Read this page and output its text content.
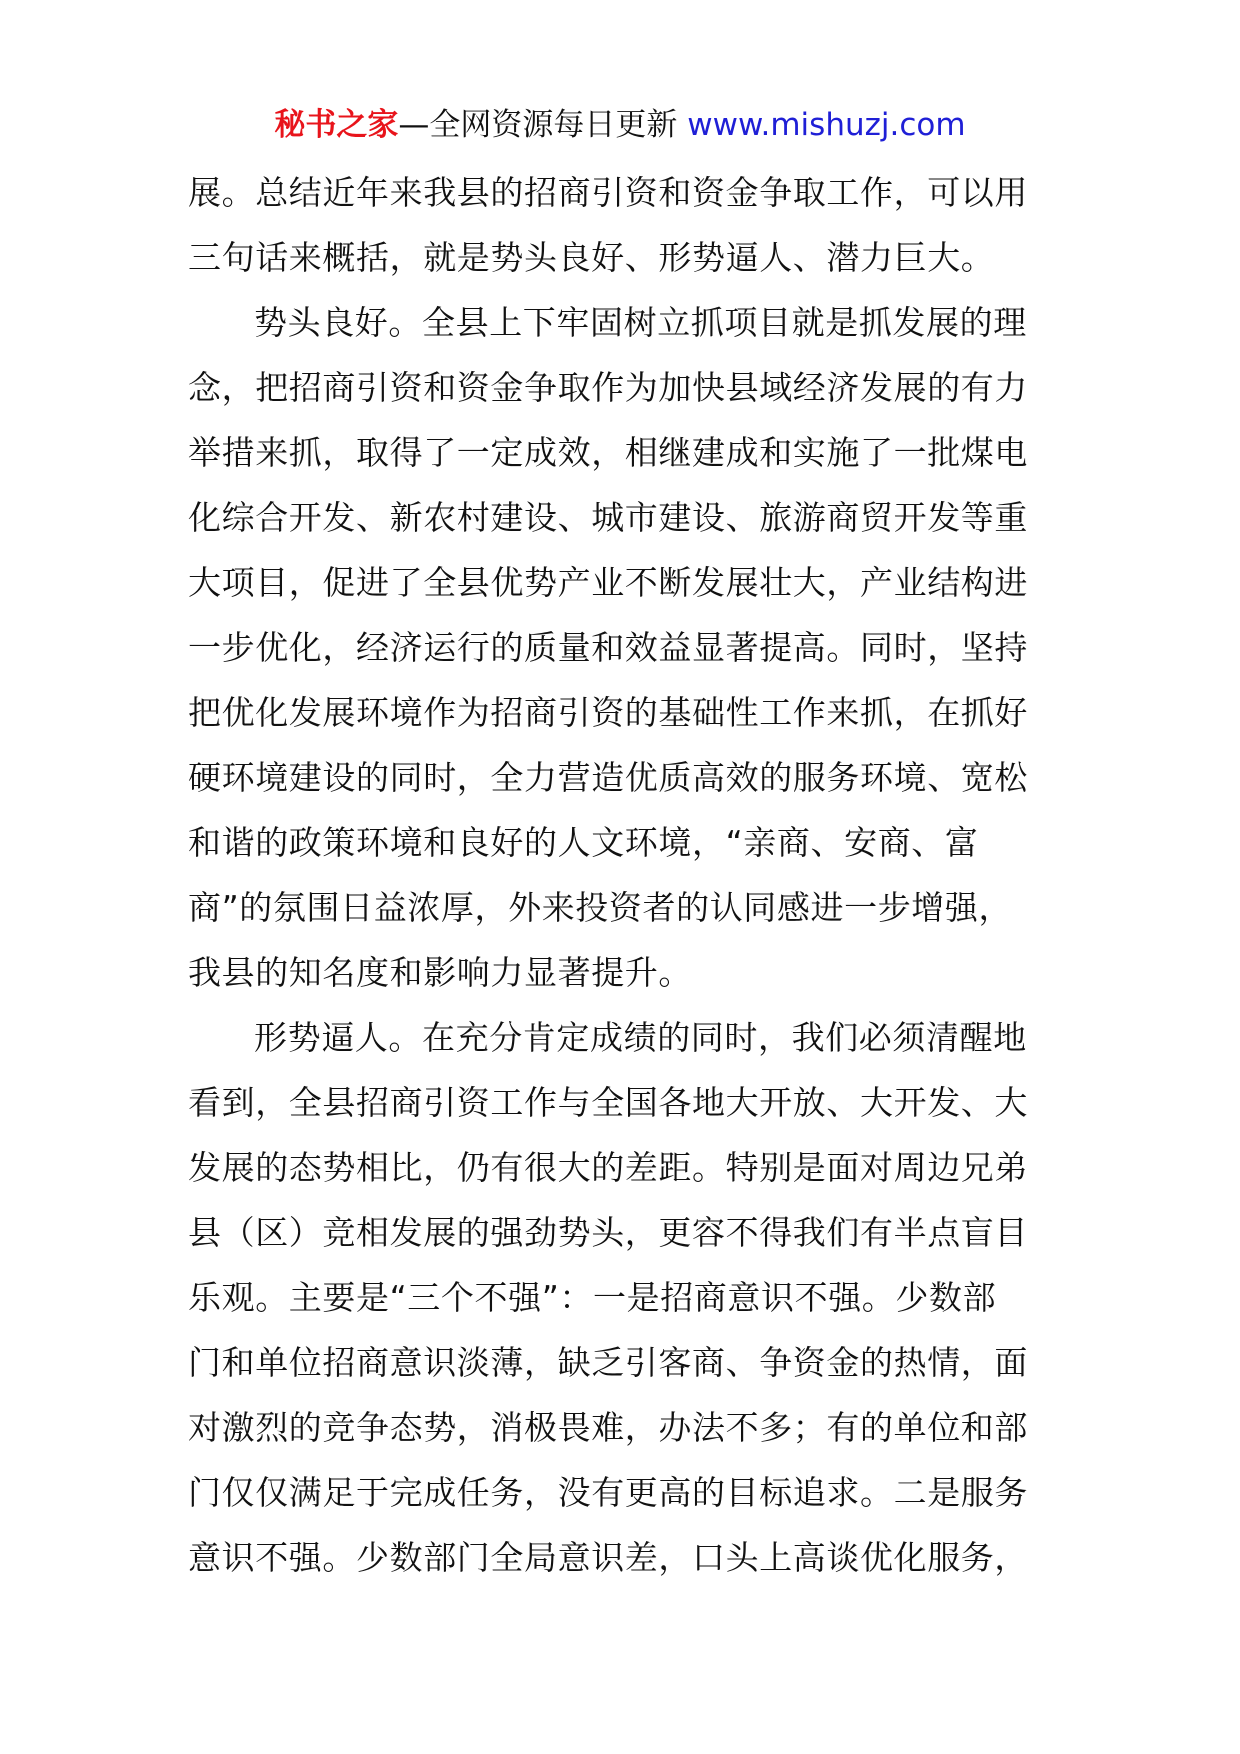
秘书之家—全网资源每日更新 www.mishuzj.com
展。总结近年来我县的招商引资和资金争取工作，可以用
三句话来概括，就是势头良好、形势逼人、潜力巨大。
势头良好。全县上下牢固树立抓项目就是抓发展的理
念，把招商引资和资金争取作为加快县域经济发展的有力
举措来抓，取得了一定成效，相继建成和实施了一批煤电
化综合开发、新农村建设、城市建设、旅游商贸开发等重
大项目，促进了全县优势产业不断发展壮大，产业结构进
一步优化，经济运行的质量和效益显著提高。同时，坚持
把优化发展环境作为招商引资的基础性工作来抓，在抓好
硬环境建设的同时，全力营造优质高效的服务环境、宽松
和谐的政策环境和良好的人文环境，“亲商、安商、富
商”的氛围日益浓厚，外来投资者的认同感进一步增强，
我县的知名度和影响力显著提升。
形势逼人。在充分肯定成绩的同时，我们必须清醒地
看到，全县招商引资工作与全国各地大开放、大开发、大
发展的态势相比，仍有很大的差距。特别是面对周边兄弟
县（区）竞相发展的强劲势头，更容不得我们有半点盲目
乐观。主要是“三个不强”：一是招商意识不强。少数部
门和单位招商意识淡薄，缺乏引客商、争资金的热情，面
对激烈的竞争态势，消极畏难，办法不多；有的单位和部
门仅仅满足于完成任务，没有更高的目标追求。二是服务
意识不强。少数部门全局意识差，口头上高谈优化服务，
